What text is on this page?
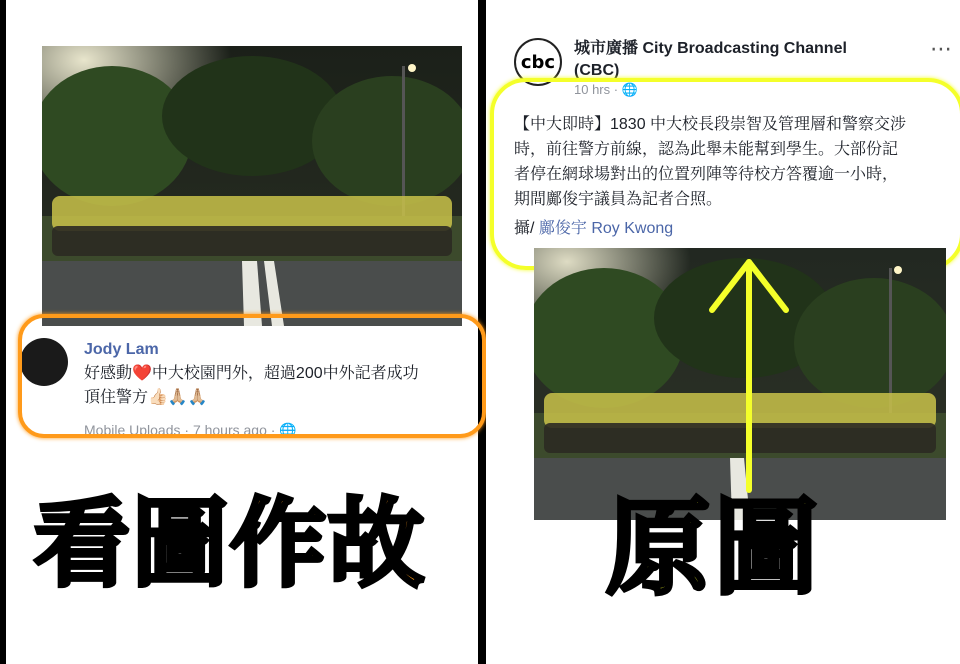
Jody Lam
好感動❤️中大校園門外，超過200中外記者成功
頂住警方👍🏻🙏🏼🙏🏼
Mobile Uploads · 7 hours ago · 🌐
看圖作故
cbc
城市廣播 City Broadcasting Channel
(CBC)
⋯
10 hrs · 🌐
【中大即時】1830 中大校長段崇智及管理層和警察交涉
時，前往警方前線，認為此舉未能幫到學生。大部份記
者停在網球場對出的位置列陣等待校方答覆逾一小時，
期間鄺俊宇議員為記者合照。
攝/ 鄺俊宇 Roy Kwong
原圖
